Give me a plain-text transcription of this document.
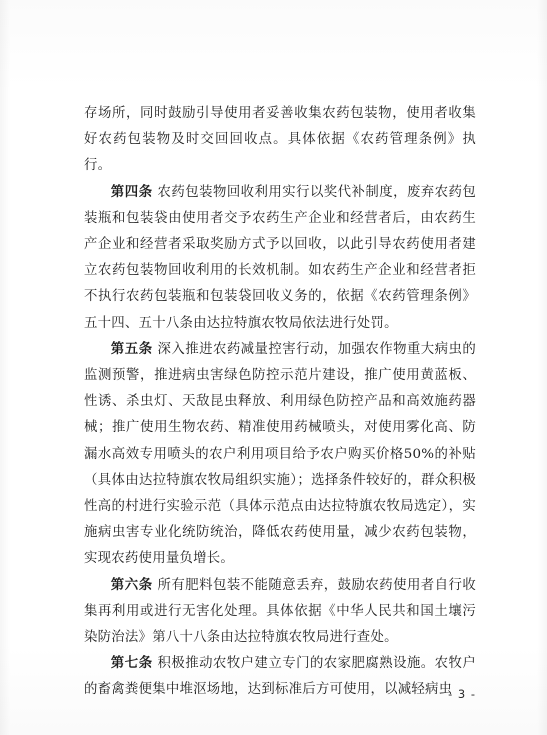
存场所，同时鼓励引导使用者妥善收集农药包装物，使用者收集好农药包装物及时交回回收点。具体依据《农药管理条例》执行。

第四条 农药包装物回收利用实行以奖代补制度，废弃农药包装瓶和包装袋由使用者交予农药生产企业和经营者后，由农药生产企业和经营者采取奖励方式予以回收，以此引导农药使用者建立农药包装物回收利用的长效机制。如农药生产企业和经营者拒不执行农药包装瓶和包装袋回收义务的，依据《农药管理条例》五十四、五十八条由达拉特旗农牧局依法进行处罚。

第五条 深入推进农药减量控害行动，加强农作物重大病虫的监测预警，推进病虫害绿色防控示范片建设，推广使用黄蓝板、性诱、杀虫灯、天敌昆虫释放、利用绿色防控产品和高效施药器械；推广使用生物农药、精准使用药械喷头，对使用雾化高、防漏水高效专用喷头的农户利用项目给予农户购买价格50%的补贴（具体由达拉特旗农牧局组织实施）；选择条件较好的，群众积极性高的村进行实验示范（具体示范点由达拉特旗农牧局选定），实施病虫害专业化统防统治，降低农药使用量，减少农药包装物，实现农药使用量负增长。

第六条 所有肥料包装不能随意丢弃，鼓励农药使用者自行收集再利用或进行无害化处理。具体依据《中华人民共和国土壤污染防治法》第八十八条由达拉特旗农牧局进行查处。

第七条 积极推动农牧户建立专门的农家肥腐熟设施。农牧户的畜禽粪便集中堆沤场地，达到标准后方可使用，以减轻病虫

- 3 -
